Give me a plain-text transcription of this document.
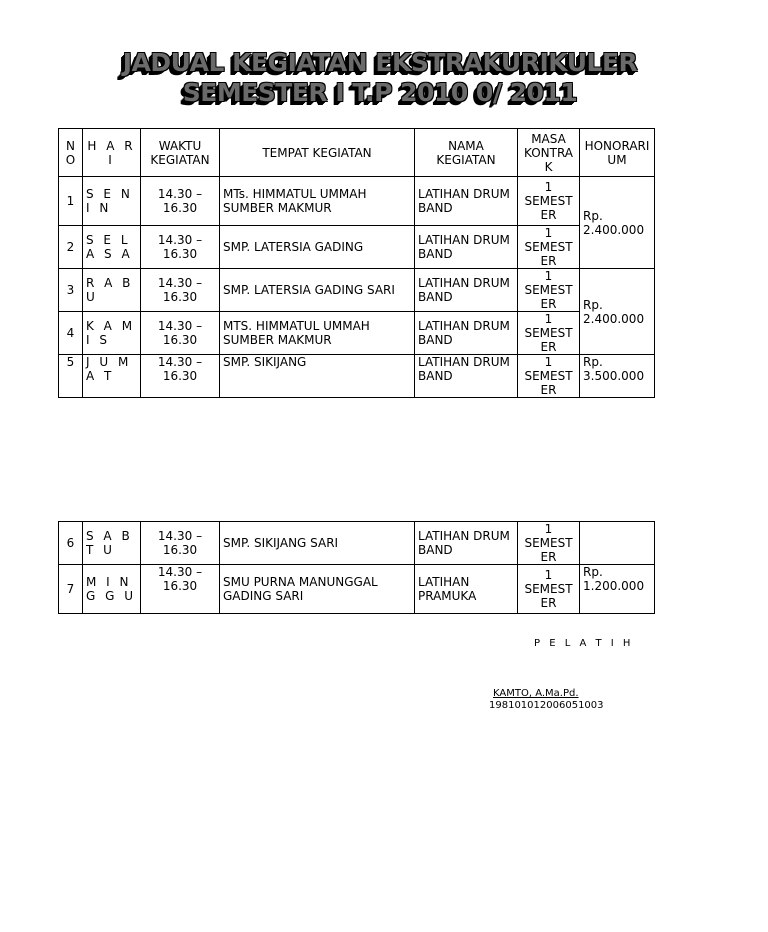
JADUAL KEGIATAN EKSTRAKURIKULER
SEMESTER I T.P 2010 0/ 2011
N O	H A R I	WAKTU KEGIATAN	TEMPAT KEGIATAN	NAMA KEGIATAN	MASA KONTRA K	HONORARI UM
1	S E N I N	14.30 – 16.30	MTs. HIMMATUL UMMAH SUMBER MAKMUR	LATIHAN DRUM BAND	1 SEMEST ER	Rp. 2.400.000
2	S E L A S A	14.30 – 16.30	SMP. LATERSIA GADING	LATIHAN DRUM BAND	1 SEMEST ER	
3	R A B U	14.30 – 16.30	SMP. LATERSIA GADING SARI	LATIHAN DRUM BAND	1 SEMEST ER	Rp. 2.400.000
4	K A M I S	14.30 – 16.30	MTS. HIMMATUL UMMAH SUMBER MAKMUR	LATIHAN DRUM BAND	1 SEMEST ER	
5	J U M A T	14.30 – 16.30	SMP. SIKIJANG	LATIHAN DRUM BAND	1 SEMEST ER	Rp. 3.500.000
6	S A B T U	14.30 – 16.30	SMP. SIKIJANG SARI	LATIHAN DRUM BAND	1 SEMEST ER	
7	M I N G G U	14.30 – 16.30	SMU PURNA MANUNGGAL GADING SARI	LATIHAN PRAMUKA	1 SEMEST ER	Rp. 1.200.000
P E L A T I H
KAMTO, A.Ma.Pd.
198101012006051003
